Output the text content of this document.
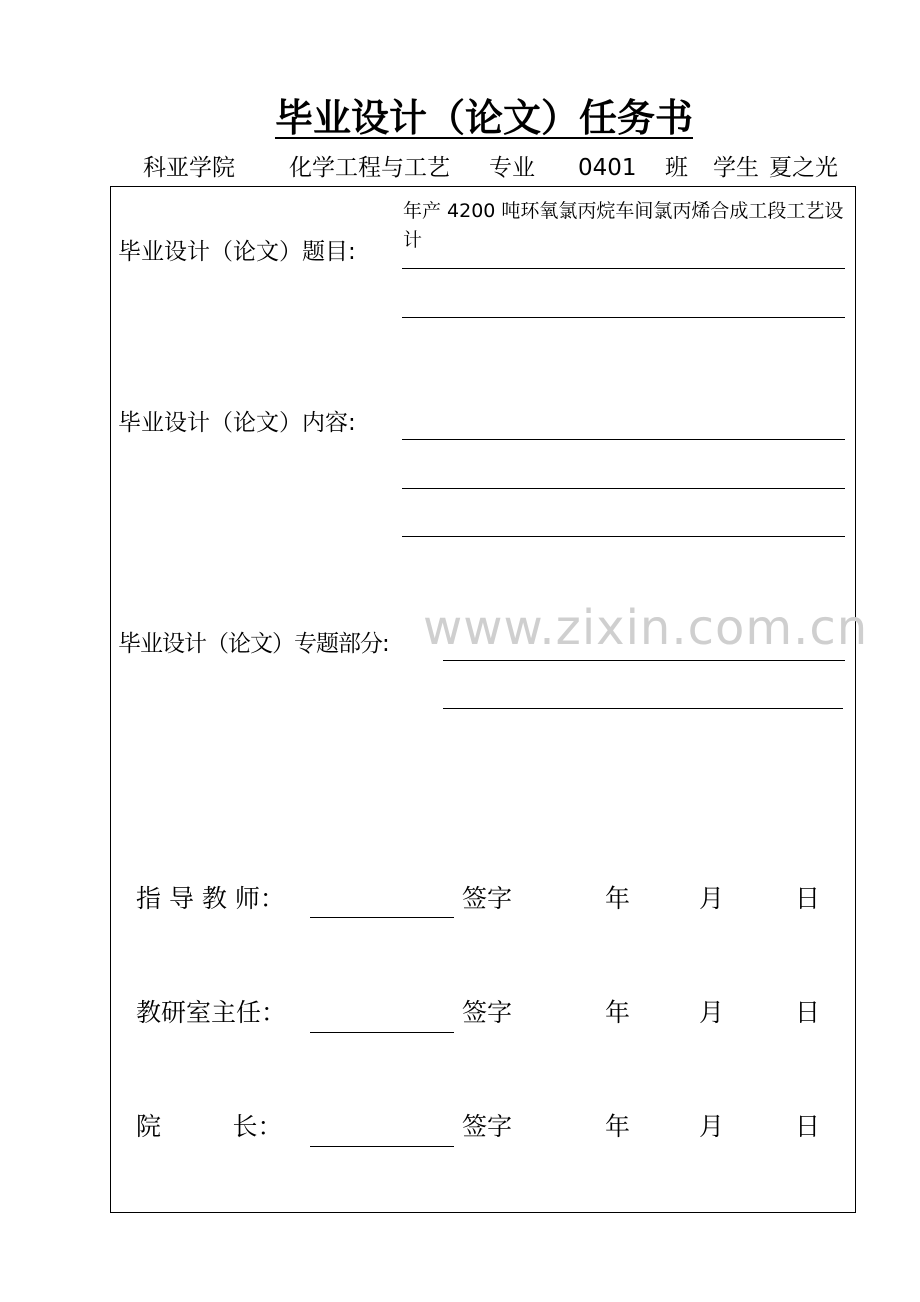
毕业设计（论文）任务书
科亚学院 化学工程与工艺 专业 0401 班 学生 夏之光
毕业设计（论文）题目:
年产 4200 吨环氧氯丙烷车间氯丙烯合成工段工艺设计
毕业设计（论文）内容:
www.zixin.com.cn
毕业设计（论文）专题部分:
指 导 教 师：	签字	年	月	日
教研室主任：	签字	年	月	日
院         长：	签字	年	月	日
